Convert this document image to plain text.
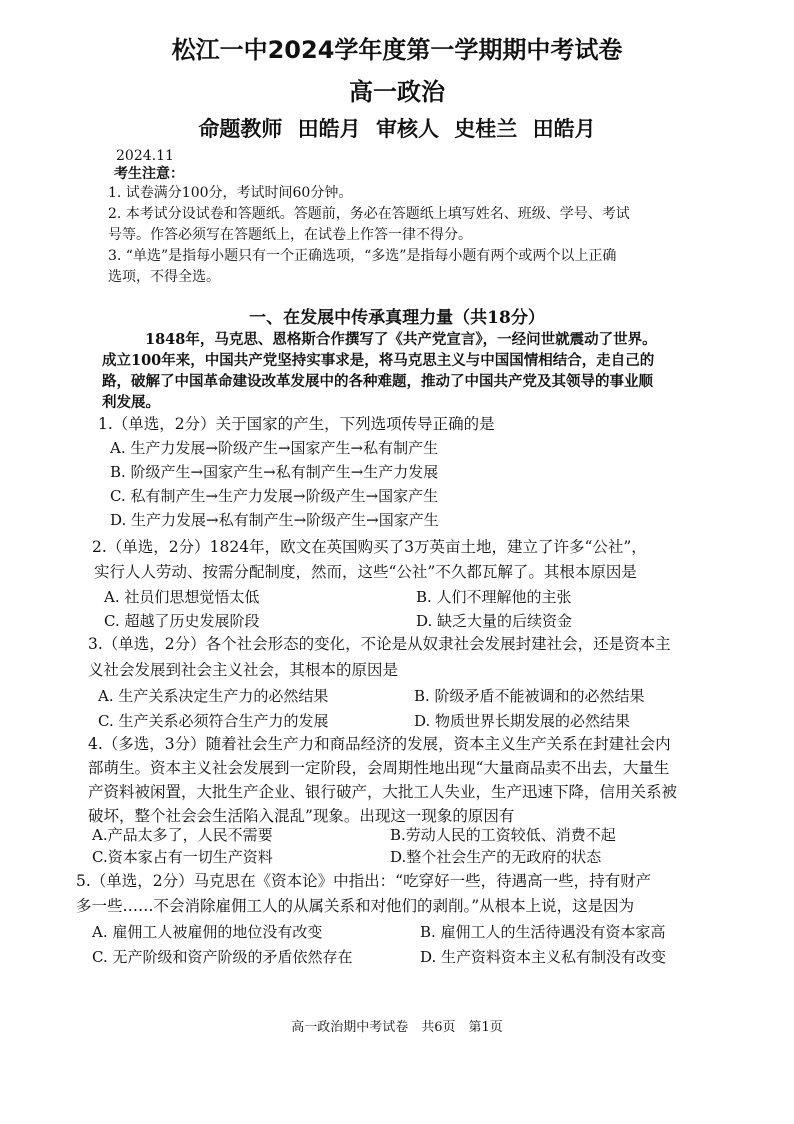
松江一中2024学年度第一学期期中考试卷
高一政治
命题教师 田皓月 审核人 史桂兰 田皓月
2024.11
考生注意：
1. 试卷满分100分，考试时间60分钟。
2. 本考试分设试卷和答题纸。答题前，务必在答题纸上填写姓名、班级、学号、考试
号等。作答必须写在答题纸上，在试卷上作答一律不得分。
3. “单选”是指每小题只有一个正确选项，“多选”是指每小题有两个或两个以上正确
选项，不得全选。
一、在发展中传承真理力量（共18分）
1848年，马克思、恩格斯合作撰写了《共产党宣言》，一经问世就震动了世界。
成立100年来，中国共产党坚持实事求是，将马克思主义与中国国情相结合，走自己的
路，破解了中国革命建设改革发展中的各种难题，推动了中国共产党及其领导的事业顺
利发展。
1.（单选，2分）关于国家的产生，下列选项传导正确的是
A. 生产力发展→阶级产生→国家产生→私有制产生
B. 阶级产生→国家产生→私有制产生→生产力发展
C. 私有制产生→生产力发展→阶级产生→国家产生
D. 生产力发展→私有制产生→阶级产生→国家产生
2.（单选，2分）1824年，欧文在英国购买了3万英亩土地，建立了许多“公社”，
实行人人劳动、按需分配制度，然而，这些“公社”不久都瓦解了。其根本原因是
A. 社员们思想觉悟太低	B. 人们不理解他的主张
C. 超越了历史发展阶段	D. 缺乏大量的后续资金
3.（单选，2分）各个社会形态的变化，不论是从奴隶社会发展封建社会，还是资本主
义社会发展到社会主义社会，其根本的原因是
A. 生产关系决定生产力的必然结果	B. 阶级矛盾不能被调和的必然结果
C. 生产关系必须符合生产力的发展	D. 物质世界长期发展的必然结果
4.（多选，3分）随着社会生产力和商品经济的发展，资本主义生产关系在封建社会内
部萌生。资本主义社会发展到一定阶段，会周期性地出现“大量商品卖不出去，大量生
产资料被闲置，大批生产企业、银行破产，大批工人失业，生产迅速下降，信用关系被
破坏，整个社会会生活陷入混乱”现象。出现这一现象的原因有
A.产品太多了，人民不需要	B.劳动人民的工资较低、消费不起
C.资本家占有一切生产资料	D.整个社会生产的无政府的状态
5.（单选，2分）马克思在《资本论》中指出：“吃穿好一些，待遇高一些，持有财产
多一些……不会消除雇佣工人的从属关系和对他们的剥削。”从根本上说，这是因为
A. 雇佣工人被雇佣的地位没有改变	B. 雇佣工人的生活待遇没有资本家高
C. 无产阶级和资产阶级的矛盾依然存在	D. 生产资料资本主义私有制没有改变
高一政治期中考试卷　共6页　第1页
